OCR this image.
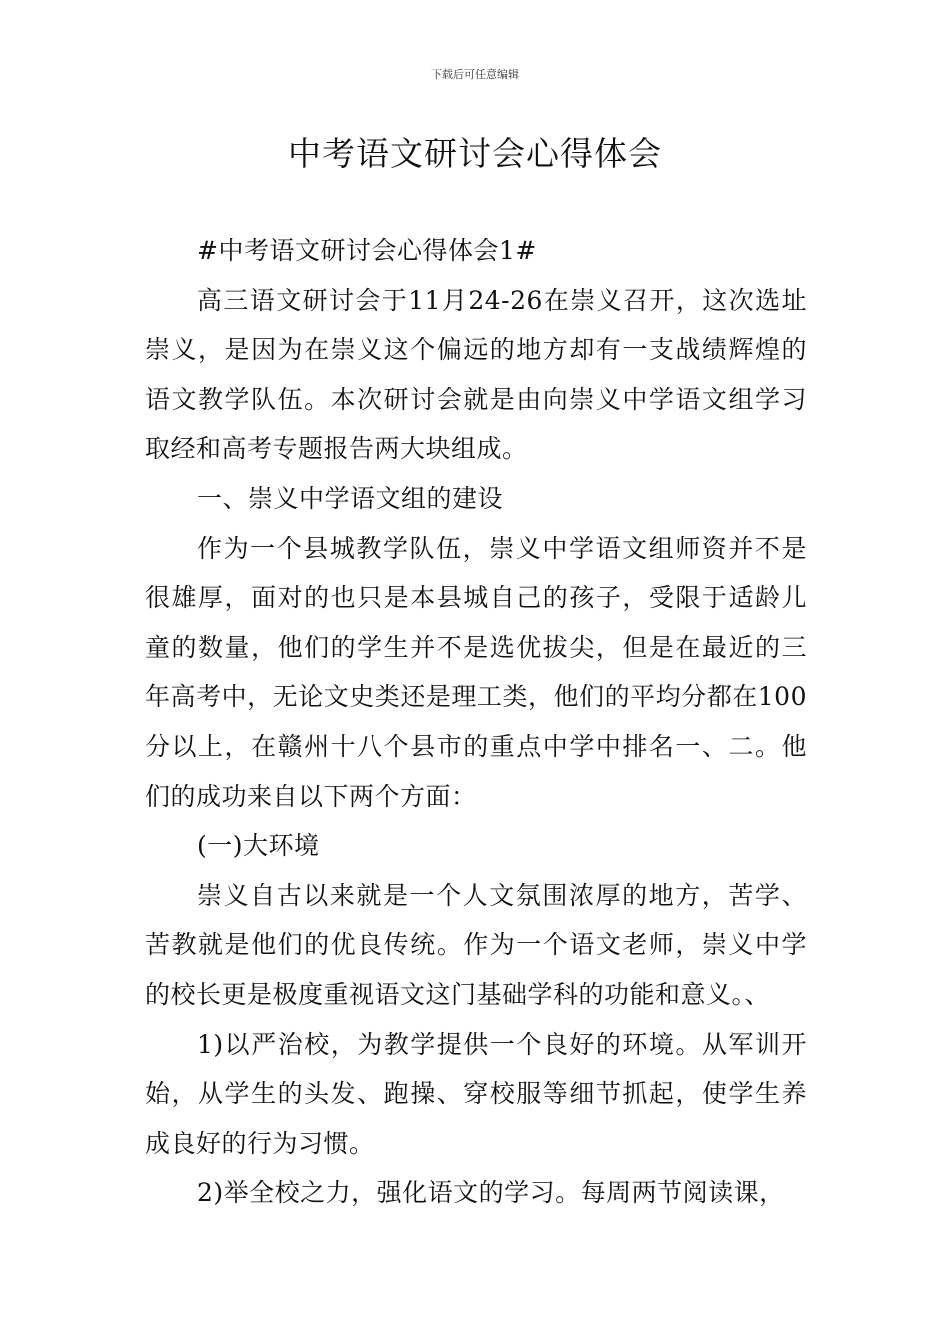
下载后可任意编辑
中考语文研讨会心得体会

#中考语文研讨会心得体会1#

高三语文研讨会于11月24-26在崇义召开，这次选址崇义，是因为在崇义这个偏远的地方却有一支战绩辉煌的语文教学队伍。本次研讨会就是由向崇义中学语文组学习取经和高考专题报告两大块组成。

一、崇义中学语文组的建设

作为一个县城教学队伍，崇义中学语文组师资并不是很雄厚，面对的也只是本县城自己的孩子，受限于适龄儿童的数量，他们的学生并不是选优拔尖，但是在最近的三年高考中，无论文史类还是理工类，他们的平均分都在100分以上，在赣州十八个县市的重点中学中排名一、二。他们的成功来自以下两个方面：

(一)大环境

崇义自古以来就是一个人文氛围浓厚的地方，苦学、苦教就是他们的优良传统。作为一个语文老师，崇义中学的校长更是极度重视语文这门基础学科的功能和意义。、

1)以严治校，为教学提供一个良好的环境。从军训开始，从学生的头发、跑操、穿校服等细节抓起，使学生养成良好的行为习惯。

2)举全校之力，强化语文的学习。每周两节阅读课，
